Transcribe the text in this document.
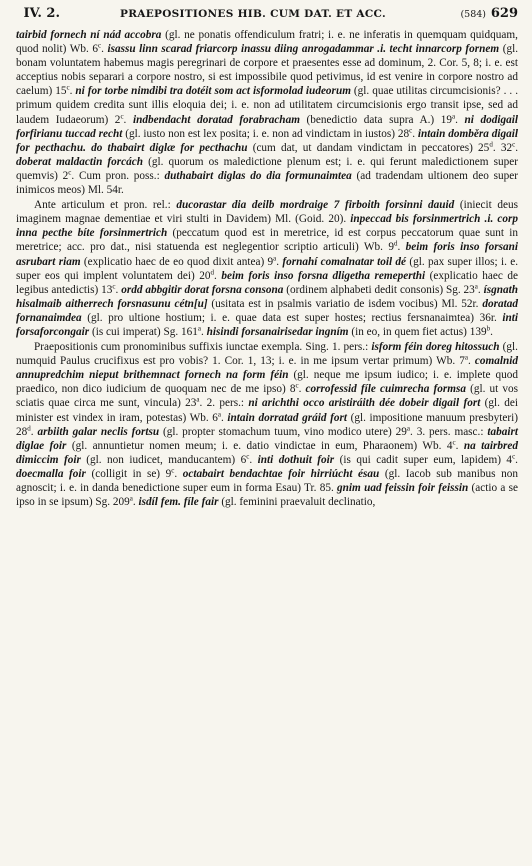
IV. 2.	PRAEPOSITIONES HIB. CUM DAT. ET ACC.	(584) 629

tairbid fornech ní nád accobra (gl. ne ponatis offendiculum fratri; i. e. ne inferatis in quemquam quidquam, quod nolit) Wb. 6$^c$. isassu linn scarad friarcorp inassu diing anrogadammar .i. techt innarcorp fornem (gl. bonam voluntatem habemus magis peregrinari de corpore et praesentes esse ad dominum, 2. Cor. 5, 8; i. e. est acceptius nobis separari a corpore nostro, si est impossibile quod petivimus, id est venire in corpore nostro ad caelum) 15$^c$. ni for torbe nimdibi tra dotéit som act isformolad iudeorum (gl. quae utilitas circumcisionis? . . . primum quidem credita sunt illis eloquia dei; i. e. non ad utilitatem circumcisionis ergo transit ipse, sed ad laudem Iudaeorum) 2$^c$. indbendacht doratad forabracham (benedictio data supra A.) 19$^a$. ni dodigail forfirianu tuccad recht (gl. iusto non est lex posita; i. e. non ad vindictam in iustos) 28$^c$. intain domběra digail for pecthachu. do thabairt diglæ for pecthachu (cum dat, ut dandam vindictam in peccatores) 25$^d$. 32$^c$. doberat maldactin forcách (gl. quorum os maledictione plenum est; i. e. qui ferunt maledictionem super quemvis) 2$^c$. Cum pron. poss.: duthabairt diglas do dia formunaimtea (ad tradendam ultionem deo super inimicos meos) Ml. 54r.

Ante articulum et pron. rel.: ducorastar dia deilb mordraige 7 firboith forsinni dauid (iniecit deus imaginem magnae dementiae et viri stulti in Davidem) Ml. (Goid. 20). inpeccad bis forsinmertrich .i. corp inna pecthe bíte forsinmertrich (peccatum quod est in meretrice, id est corpus peccatorum quae sunt in meretrice; acc. pro dat., nisi statuenda est neglegentior scriptio articuli) Wb. 9$^d$. beim foris inso forsani asrubart riam (explicatio haec de eo quod dixit antea) 9$^a$. fornahí comalnatar toil dé (gl. pax super illos; i. e. super eos qui implent voluntatem dei) 20$^d$. beim foris inso forsna dligetha remeperthi (explicatio haec de legibus antedictis) 13$^c$. ordd abbgitir dorat forsna consona (ordinem alphabeti dedit consonis) Sg. 23$^a$. ísgnath hisalmaib aitherrech forsnasunu cétn[u] (usitata est in psalmis variatio de isdem vocibus) Ml. 52r. doratad fornanaimdea (gl. pro ultione hostium; i. e. quae data est super hostes; rectius fersnanaimtea) 36r. inti forsaforcongair (is cui imperat) Sg. 161$^a$. hisindi forsanairisedar ingním (in eo, in quem fiet actus) 139$^b$.

Praepositionis cum pronominibus suffixis iunctae exempla. Sing. 1. pers.: isform féin doreg hitossuch (gl. numquid Paulus crucifixus est pro vobis? 1. Cor. 1, 13; i. e. in me ipsum vertar primum) Wb. 7$^a$. comalnid annupredchim nieput brithemnact fornech na form féin (gl. neque me ipsum iudico; i. e. implete quod praedico, non dico iudicium de quoquam nec de me ipso) 8$^c$. corrofessid fíle cuimrecha formsa (gl. ut vos sciatis quae circa me sunt, vincula) 23$^a$. 2. pers.: ni arichthi occo aristiráith dée dobeir digail fort (gl. dei minister est vindex in iram, potestas) Wb. 6$^a$. intain dorratad gráid fort (gl. impositione manuum presbyteri) 28$^d$. arbiith galar neclis fortsu (gl. propter stomachum tuum, vino modico utere) 29$^a$. 3. pers. masc.: tabairt diglae foir (gl. annuntietur nomen meum; i. e. datio vindictae in eum, Pharaonem) Wb. 4$^c$. na tairbred dimiccim foir (gl. non iudicet, manducantem) 6$^c$. inti dothuit foir (is qui cadit super eum, lapidem) 4$^c$. doecmalla foir (colligit in se) 9$^c$. octabairt bendachtae foir hirriúcht ésau (gl. Iacob sub manibus non agnoscit; i. e. in danda benedictione super eum in forma Esau) Tr. 85. gnim uad feissin foir feissin (actio a se ipso in se ipsum) Sg. 209$^a$. isdíl fem. fíle fair (gl. feminini praevaluit declinatio,
